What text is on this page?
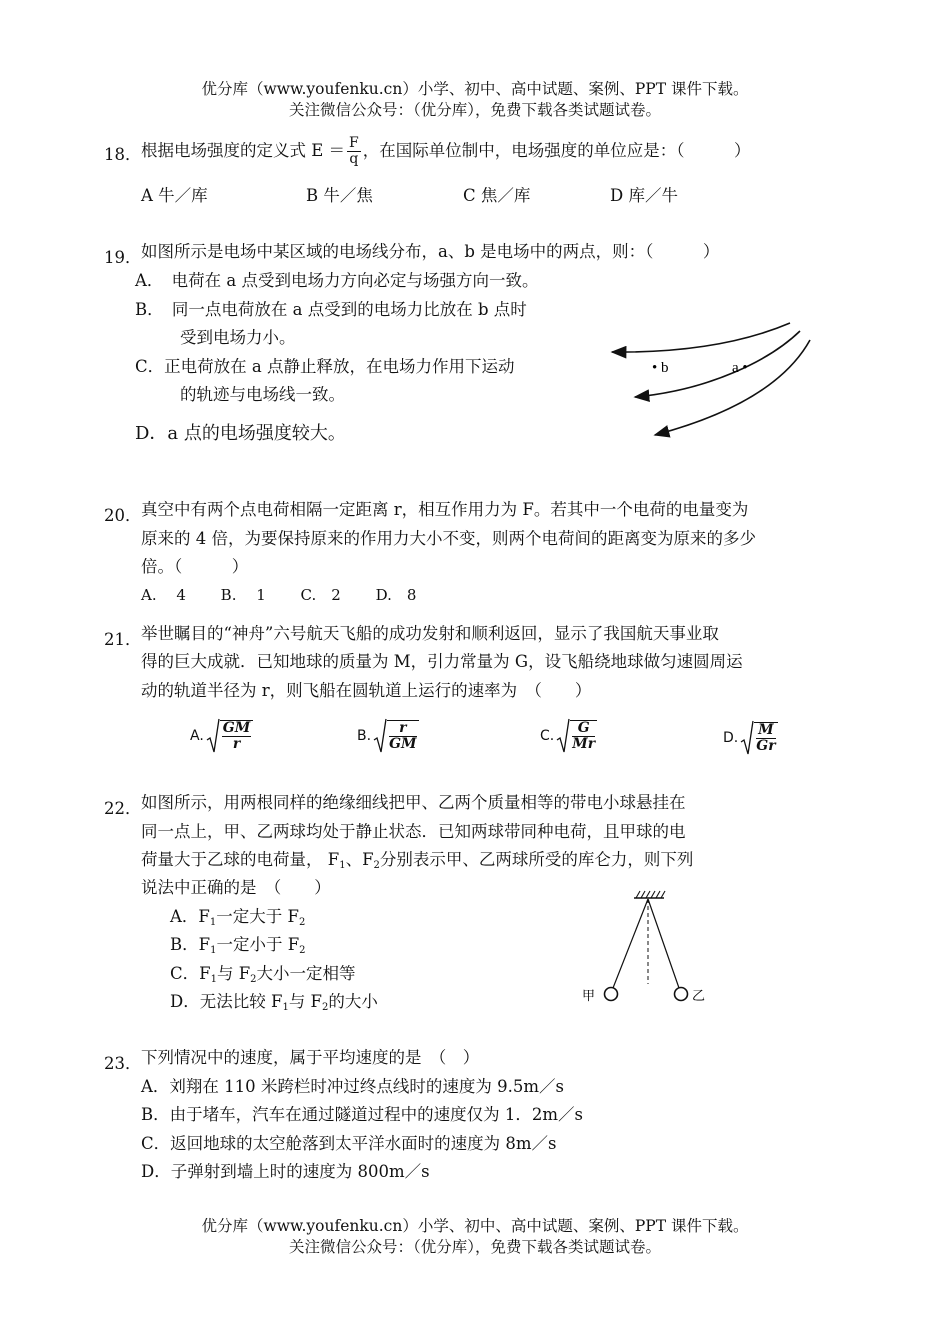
优分库（www.youfenku.cn）小学、初中、高中试题、案例、PPT 课件下载。
关注微信公众号：（优分库），免费下载各类试题试卷。
18． 根据电场强度的定义式 $E = \frac{F}{q}$ ，在国际单位制中，电场强度的单位应是：（　　　）
A 牛／库	B 牛／焦	C 焦／库	D 库／牛
19． 如图所示是电场中某区域的电场线分布，a、b 是电场中的两点，则：（　　　）
A．　电荷在 a 点受到电场力方向必定与场强方向一致。
B．　同一点电荷放在 a 点受到的电场力比放在 b 点时
受到电场力小。
C．正电荷放在 a 点静止释放，在电场力作用下运动
的轨迹与电场线一致。
D．a 点的电场强度较大。
• b	a •
20． 真空中有两个点电荷相隔一定距离 r，相互作用力为 F。若其中一个电荷的电量变为
原来的 4 倍，为要保持原来的作用力大小不变，则两个电荷间的距离变为原来的多少
倍。（　　　）
A.　 4　　 B.　 1　　 C.　2　　 D.　8
21． 举世瞩目的“神舟”六号航天飞船的成功发射和顺利返回，显示了我国航天事业取
得的巨大成就．已知地球的质量为 M，引力常量为 G，设飞船绕地球做匀速圆周运
动的轨道半径为 r，则飞船在圆轨道上运行的速率为　（　　）
A. $\frac{GM}{r}$	B. $\frac{r}{GM}$	C. $\frac{G}{Mr}$	D. $\frac{M}{Gr}$
22． 如图所示，用两根同样的绝缘细线把甲、乙两个质量相等的带电小球悬挂在
同一点上，甲、乙两球均处于静止状态．已知两球带同种电荷，且甲球的电
荷量大于乙球的电荷量， $F_1$、$F_2$分别表示甲、乙两球所受的库仑力，则下列
说法中正确的是　（　　）
A．$F_1$一定大于 $F_2$
B．$F_1$一定小于 $F_2$
C．$F_1$与 $F_2$大小一定相等
D．无法比较 $F_1$与 $F_2$的大小	甲	乙
23． 下列情况中的速度，属于平均速度的是　（　）
A．刘翔在 110 米跨栏时冲过终点线时的速度为 9.5m／s
B．由于堵车，汽车在通过隧道过程中的速度仅为 1．2m／s
C．返回地球的太空舱落到太平洋水面时的速度为 8m／s
D．子弹射到墙上时的速度为 800m／s
优分库（www.youfenku.cn）小学、初中、高中试题、案例、PPT 课件下载。
关注微信公众号：（优分库），免费下载各类试题试卷。
